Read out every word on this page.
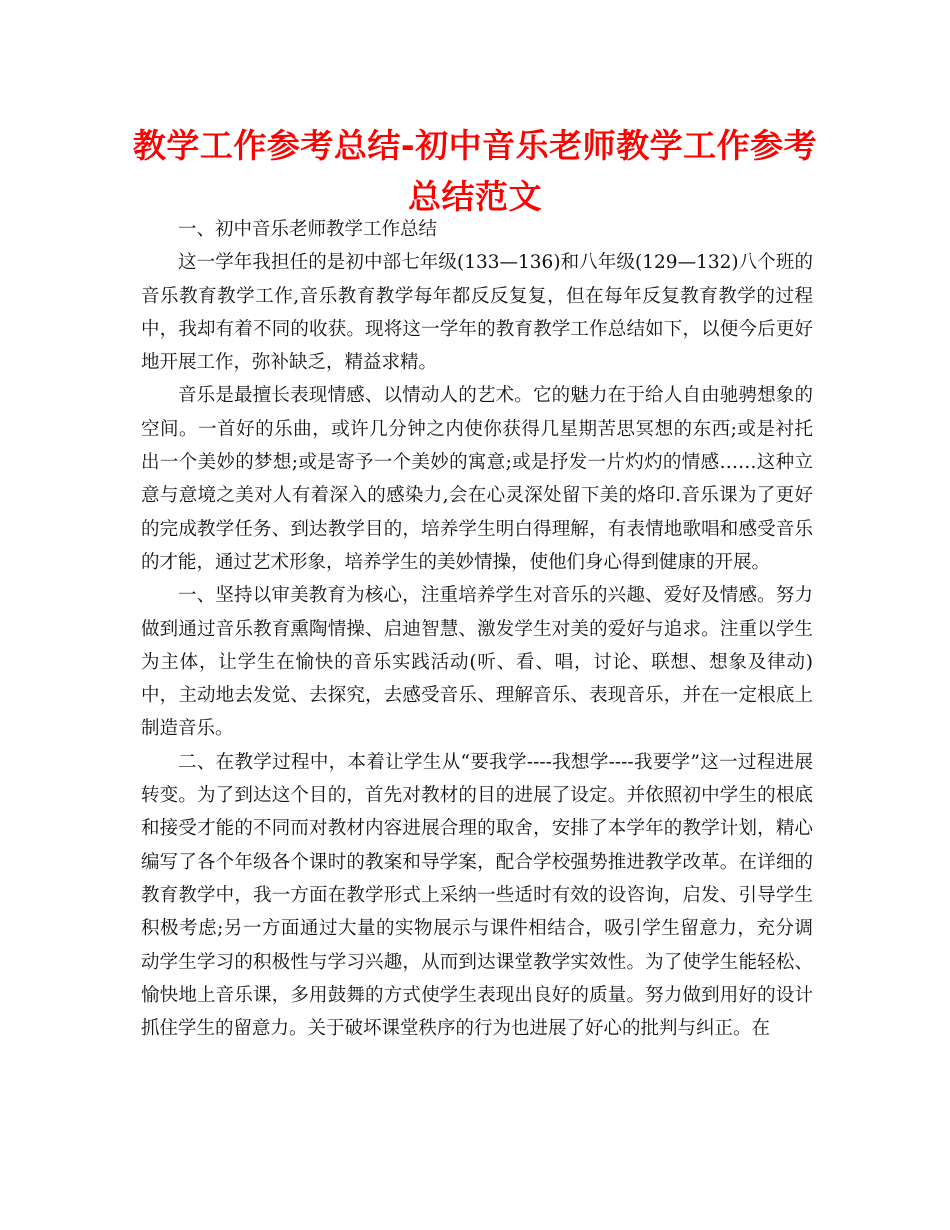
教学工作参考总结-初中音乐老师教学工作参考总结范文

一、初中音乐老师教学工作总结

这一学年我担任的是初中部七年级(133—136)和八年级(129—132)八个班的音乐教育教学工作,音乐教育教学每年都反反复复，但在每年反复教育教学的过程中，我却有着不同的收获。现将这一学年的教育教学工作总结如下，以便今后更好地开展工作，弥补缺乏，精益求精。

音乐是最擅长表现情感、以情动人的艺术。它的魅力在于给人自由驰骋想象的空间。一首好的乐曲，或许几分钟之内使你获得几星期苦思冥想的东西;或是衬托出一个美妙的梦想;或是寄予一个美妙的寓意;或是抒发一片灼灼的情感……这种立意与意境之美对人有着深入的感染力,会在心灵深处留下美的烙印.音乐课为了更好的完成教学任务、到达教学目的，培养学生明白得理解，有表情地歌唱和感受音乐的才能，通过艺术形象，培养学生的美妙情操，使他们身心得到健康的开展。

一、坚持以审美教育为核心，注重培养学生对音乐的兴趣、爱好及情感。努力做到通过音乐教育熏陶情操、启迪智慧、激发学生对美的爱好与追求。注重以学生为主体，让学生在愉快的音乐实践活动(听、看、唱，讨论、联想、想象及律动)中，主动地去发觉、去探究，去感受音乐、理解音乐、表现音乐，并在一定根底上制造音乐。

二、在教学过程中，本着让学生从“要我学----我想学----我要学”这一过程进展转变。为了到达这个目的，首先对教材的目的进展了设定。并依照初中学生的根底和接受才能的不同而对教材内容进展合理的取舍，安排了本学年的教学计划，精心编写了各个年级各个课时的教案和导学案，配合学校强势推进教学改革。在详细的教育教学中，我一方面在教学形式上采纳一些适时有效的设咨询，启发、引导学生积极考虑;另一方面通过大量的实物展示与课件相结合，吸引学生留意力，充分调动学生学习的积极性与学习兴趣，从而到达课堂教学实效性。为了使学生能轻松、愉快地上音乐课，多用鼓舞的方式使学生表现出良好的质量。努力做到用好的设计抓住学生的留意力。关于破坏课堂秩序的行为也进展了好心的批判与纠正。在
